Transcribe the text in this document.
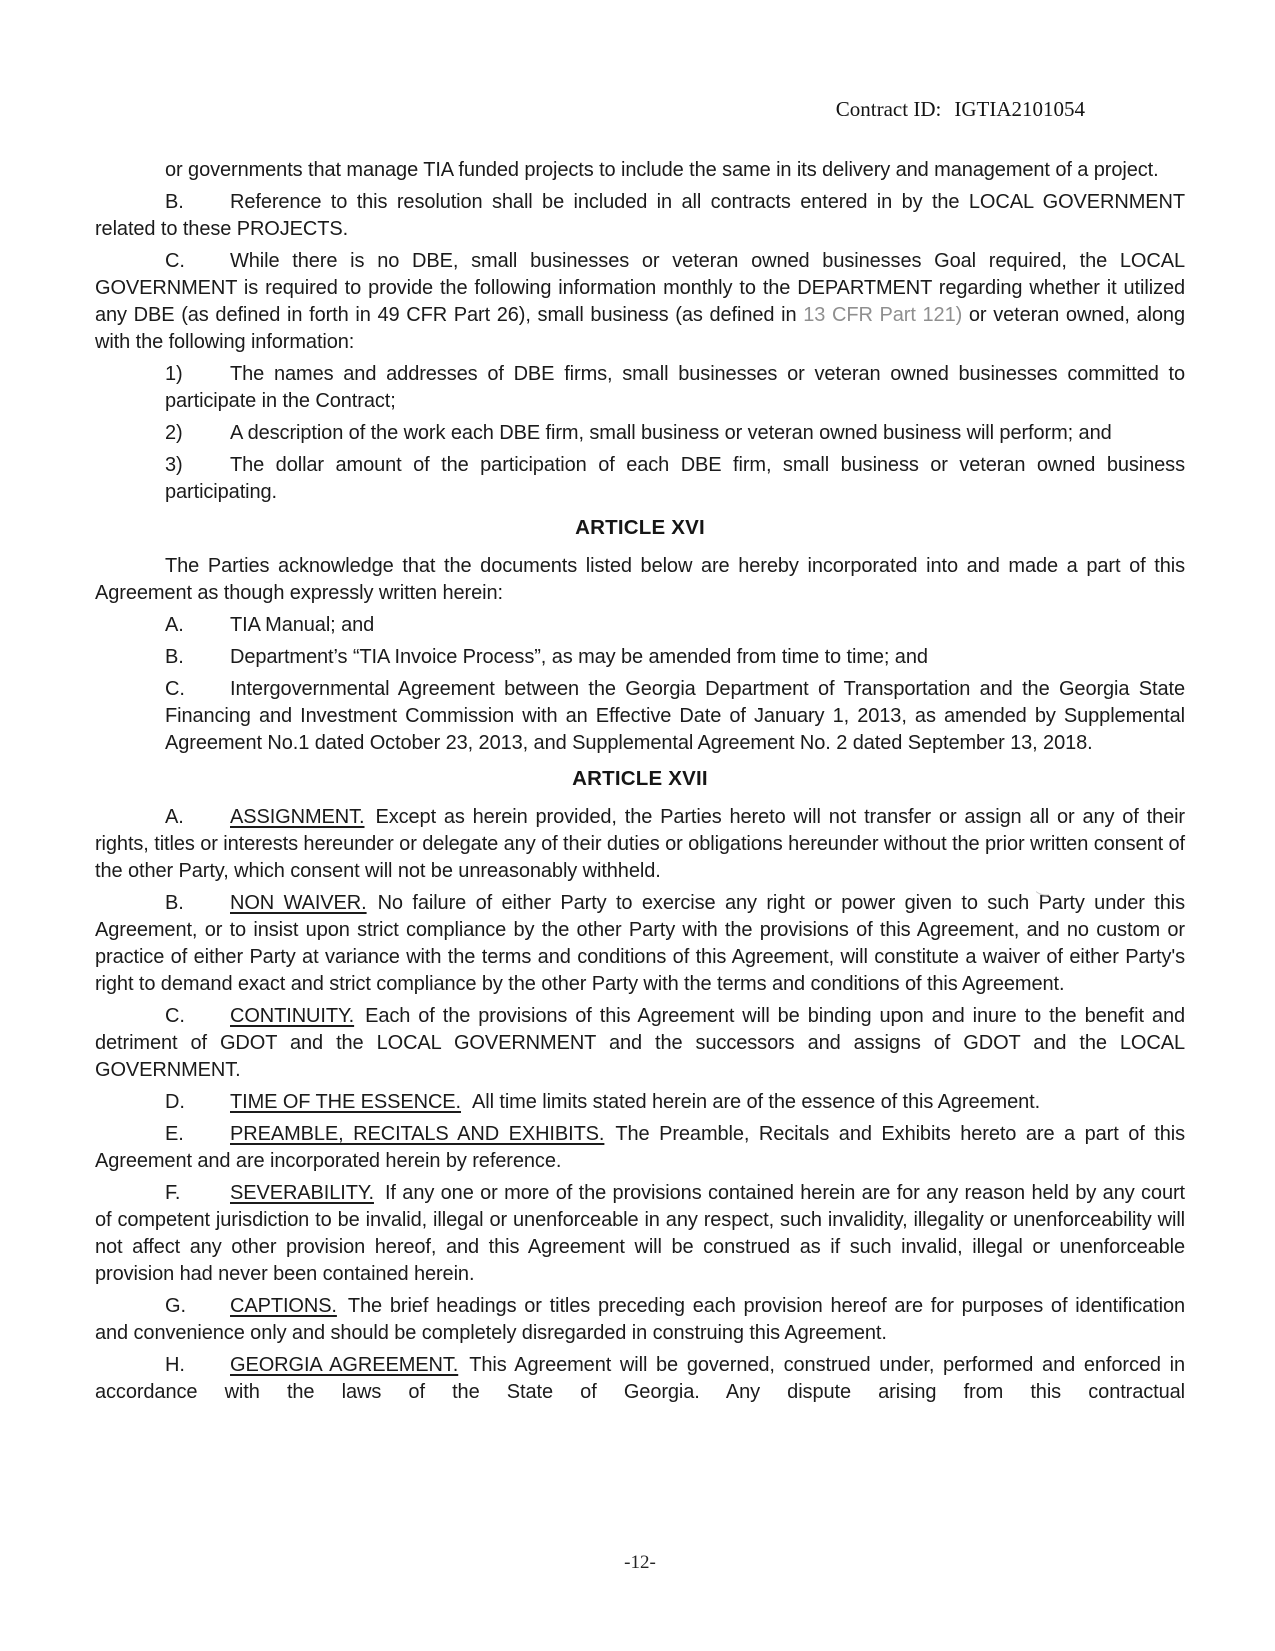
Contract ID: IGTIA2101054

or governments that manage TIA funded projects to include the same in its delivery and management of a project.

B. Reference to this resolution shall be included in all contracts entered in by the LOCAL GOVERNMENT related to these PROJECTS.

C. While there is no DBE, small businesses or veteran owned businesses Goal required, the LOCAL GOVERNMENT is required to provide the following information monthly to the DEPARTMENT regarding whether it utilized any DBE (as defined in forth in 49 CFR Part 26), small business (as defined in 13 CFR Part 121) or veteran owned, along with the following information:

1) The names and addresses of DBE firms, small businesses or veteran owned businesses committed to participate in the Contract;

2) A description of the work each DBE firm, small business or veteran owned business will perform; and

3) The dollar amount of the participation of each DBE firm, small business or veteran owned business participating.

ARTICLE XVI

The Parties acknowledge that the documents listed below are hereby incorporated into and made a part of this Agreement as though expressly written herein:

A. TIA Manual; and

B. Department’s “TIA Invoice Process”, as may be amended from time to time; and

C. Intergovernmental Agreement between the Georgia Department of Transportation and the Georgia State Financing and Investment Commission with an Effective Date of January 1, 2013, as amended by Supplemental Agreement No.1 dated October 23, 2013, and Supplemental Agreement No. 2 dated September 13, 2018.

ARTICLE XVII

A. ASSIGNMENT. Except as herein provided, the Parties hereto will not transfer or assign all or any of their rights, titles or interests hereunder or delegate any of their duties or obligations hereunder without the prior written consent of the other Party, which consent will not be unreasonably withheld.

B. NON WAIVER. No failure of either Party to exercise any right or power given to such Party under this Agreement, or to insist upon strict compliance by the other Party with the provisions of this Agreement, and no custom or practice of either Party at variance with the terms and conditions of this Agreement, will constitute a waiver of either Party's right to demand exact and strict compliance by the other Party with the terms and conditions of this Agreement.

C. CONTINUITY. Each of the provisions of this Agreement will be binding upon and inure to the benefit and detriment of GDOT and the LOCAL GOVERNMENT and the successors and assigns of GDOT and the LOCAL GOVERNMENT.

D. TIME OF THE ESSENCE. All time limits stated herein are of the essence of this Agreement.

E. PREAMBLE, RECITALS AND EXHIBITS. The Preamble, Recitals and Exhibits hereto are a part of this Agreement and are incorporated herein by reference.

F. SEVERABILITY. If any one or more of the provisions contained herein are for any reason held by any court of competent jurisdiction to be invalid, illegal or unenforceable in any respect, such invalidity, illegality or unenforceability will not affect any other provision hereof, and this Agreement will be construed as if such invalid, illegal or unenforceable provision had never been contained herein.

G. CAPTIONS. The brief headings or titles preceding each provision hereof are for purposes of identification and convenience only and should be completely disregarded in construing this Agreement.

H. GEORGIA AGREEMENT. This Agreement will be governed, construed under, performed and enforced in accordance with the laws of the State of Georgia. Any dispute arising from this contractual

‿
-12-
